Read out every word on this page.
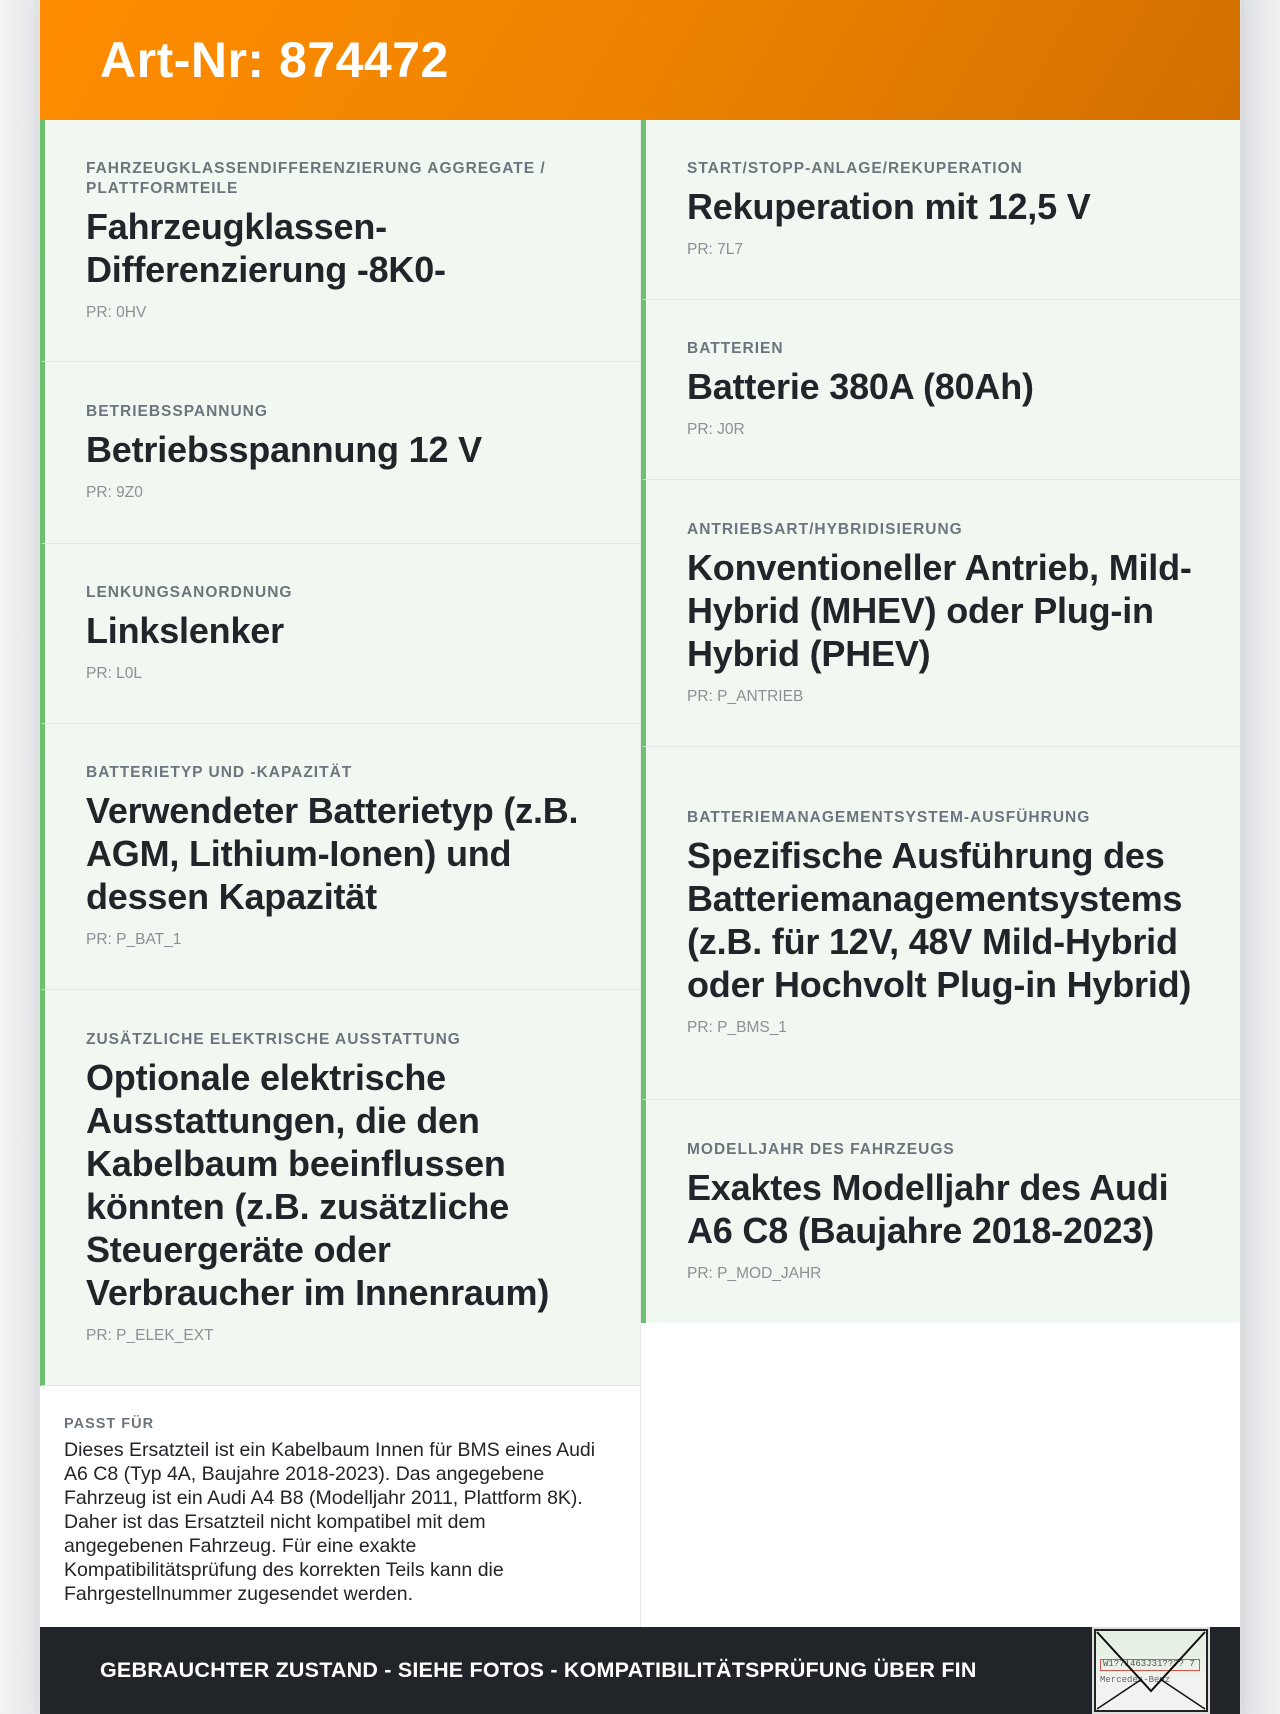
Art-Nr: 874472
FAHRZEUGKLASSENDIFFERENZIERUNG AGGREGATE / PLATTFORMTEILE
Fahrzeugklassen-Differenzierung -8K0-
PR: 0HV
BETRIEBSSPANNUNG
Betriebsspannung 12 V
PR: 9Z0
LENKUNGSANORDNUNG
Linkslenker
PR: L0L
BATTERIETYP UND -KAPAZITÄT
Verwendeter Batterietyp (z.B. AGM, Lithium-Ionen) und dessen Kapazität
PR: P_BAT_1
ZUSÄTZLICHE ELEKTRISCHE AUSSTATTUNG
Optionale elektrische Ausstattungen, die den Kabelbaum beeinflussen könnten (z.B. zusätzliche Steuergeräte oder Verbraucher im Innenraum)
PR: P_ELEK_EXT
PASST FÜR
Dieses Ersatzteil ist ein Kabelbaum Innen für BMS eines Audi A6 C8 (Typ 4A, Baujahre 2018-2023). Das angegebene Fahrzeug ist ein Audi A4 B8 (Modelljahr 2011, Plattform 8K). Daher ist das Ersatzteil nicht kompatibel mit dem angegebenen Fahrzeug. Für eine exakte Kompatibilitätsprüfung des korrekten Teils kann die Fahrgestellnummer zugesendet werden.
START/STOPP-ANLAGE/REKUPERATION
Rekuperation mit 12,5 V
PR: 7L7
BATTERIEN
Batterie 380A (80Ah)
PR: J0R
ANTRIEBSART/HYBRIDISIERUNG
Konventioneller Antrieb, Mild-Hybrid (MHEV) oder Plug-in Hybrid (PHEV)
PR: P_ANTRIEB
BATTERIEMANAGEMENTSYSTEM-AUSFÜHRUNG
Spezifische Ausführung des Batteriemanagementsystems (z.B. für 12V, 48V Mild-Hybrid oder Hochvolt Plug-in Hybrid)
PR: P_BMS_1
MODELLJAHR DES FAHRZEUGS
Exaktes Modelljahr des Audi A6 C8 (Baujahre 2018-2023)
PR: P_MOD_JAHR
GEBRAUCHTER ZUSTAND - SIEHE FOTOS - KOMPATIBILITÄTSPRÜFUNG ÜBER FIN	W1?71463J31???? 7
Mercedes-Benz
